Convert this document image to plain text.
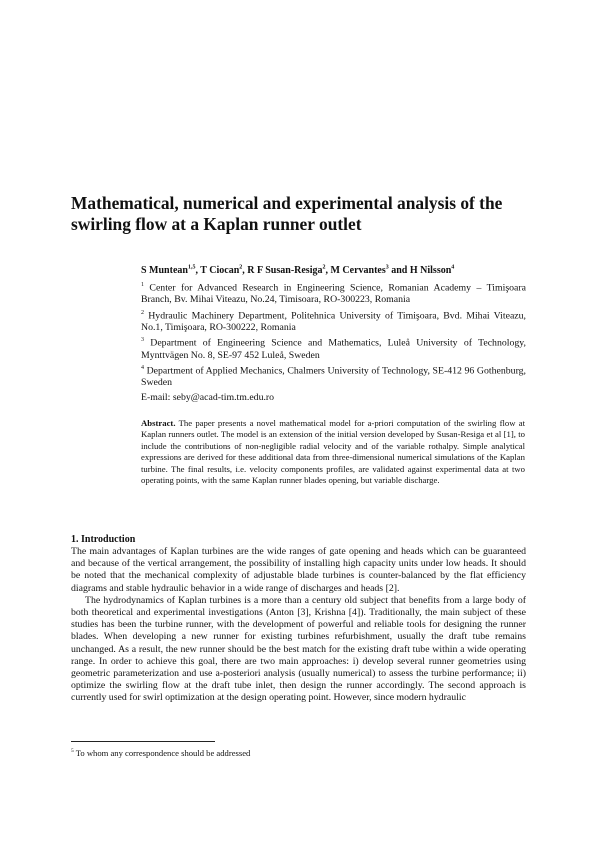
Mathematical, numerical and experimental analysis of the swirling flow at a Kaplan runner outlet

S Muntean$^{1,5}$, T Ciocan$^2$, R F Susan-Resiga$^2$, M Cervantes$^3$ and H Nilsson$^4$

$^1$ Center for Advanced Research in Engineering Science, Romanian Academy – Timişoara Branch, Bv. Mihai Viteazu, No.24, Timisoara, RO-300223, Romania
$^2$ Hydraulic Machinery Department, Politehnica University of Timişoara, Bvd. Mihai Viteazu, No.1, Timişoara, RO-300222, Romania
$^3$ Department of Engineering Science and Mathematics, Luleå University of Technology, Mynttvägen No. 8, SE-97 452 Luleå, Sweden
$^4$ Department of Applied Mechanics, Chalmers University of Technology, SE-412 96 Gothenburg, Sweden

E-mail: seby@acad-tim.tm.edu.ro

Abstract. The paper presents a novel mathematical model for a-priori computation of the swirling flow at Kaplan runners outlet. The model is an extension of the initial version developed by Susan-Resiga et al [1], to include the contributions of non-negligible radial velocity and of the variable rothalpy. Simple analytical expressions are derived for these additional data from three-dimensional numerical simulations of the Kaplan turbine. The final results, i.e. velocity components profiles, are validated against experimental data at two operating points, with the same Kaplan runner blades opening, but variable discharge.

1. Introduction

The main advantages of Kaplan turbines are the wide ranges of gate opening and heads which can be guaranteed and because of the vertical arrangement, the possibility of installing high capacity units under low heads. It should be noted that the mechanical complexity of adjustable blade turbines is counter-balanced by the flat efficiency diagrams and stable hydraulic behavior in a wide range of discharges and heads [2].

The hydrodynamics of Kaplan turbines is a more than a century old subject that benefits from a large body of both theoretical and experimental investigations (Anton [3], Krishna [4]). Traditionally, the main subject of these studies has been the turbine runner, with the development of powerful and reliable tools for designing the runner blades. When developing a new runner for existing turbines refurbishment, usually the draft tube remains unchanged. As a result, the new runner should be the best match for the existing draft tube within a wide operating range. In order to achieve this goal, there are two main approaches: i) develop several runner geometries using geometric parameterization and use a-posteriori analysis (usually numerical) to assess the turbine performance; ii) optimize the swirling flow at the draft tube inlet, then design the runner accordingly. The second approach is currently used for swirl optimization at the design operating point. However, since modern hydraulic

$^5$ To whom any correspondence should be addressed
